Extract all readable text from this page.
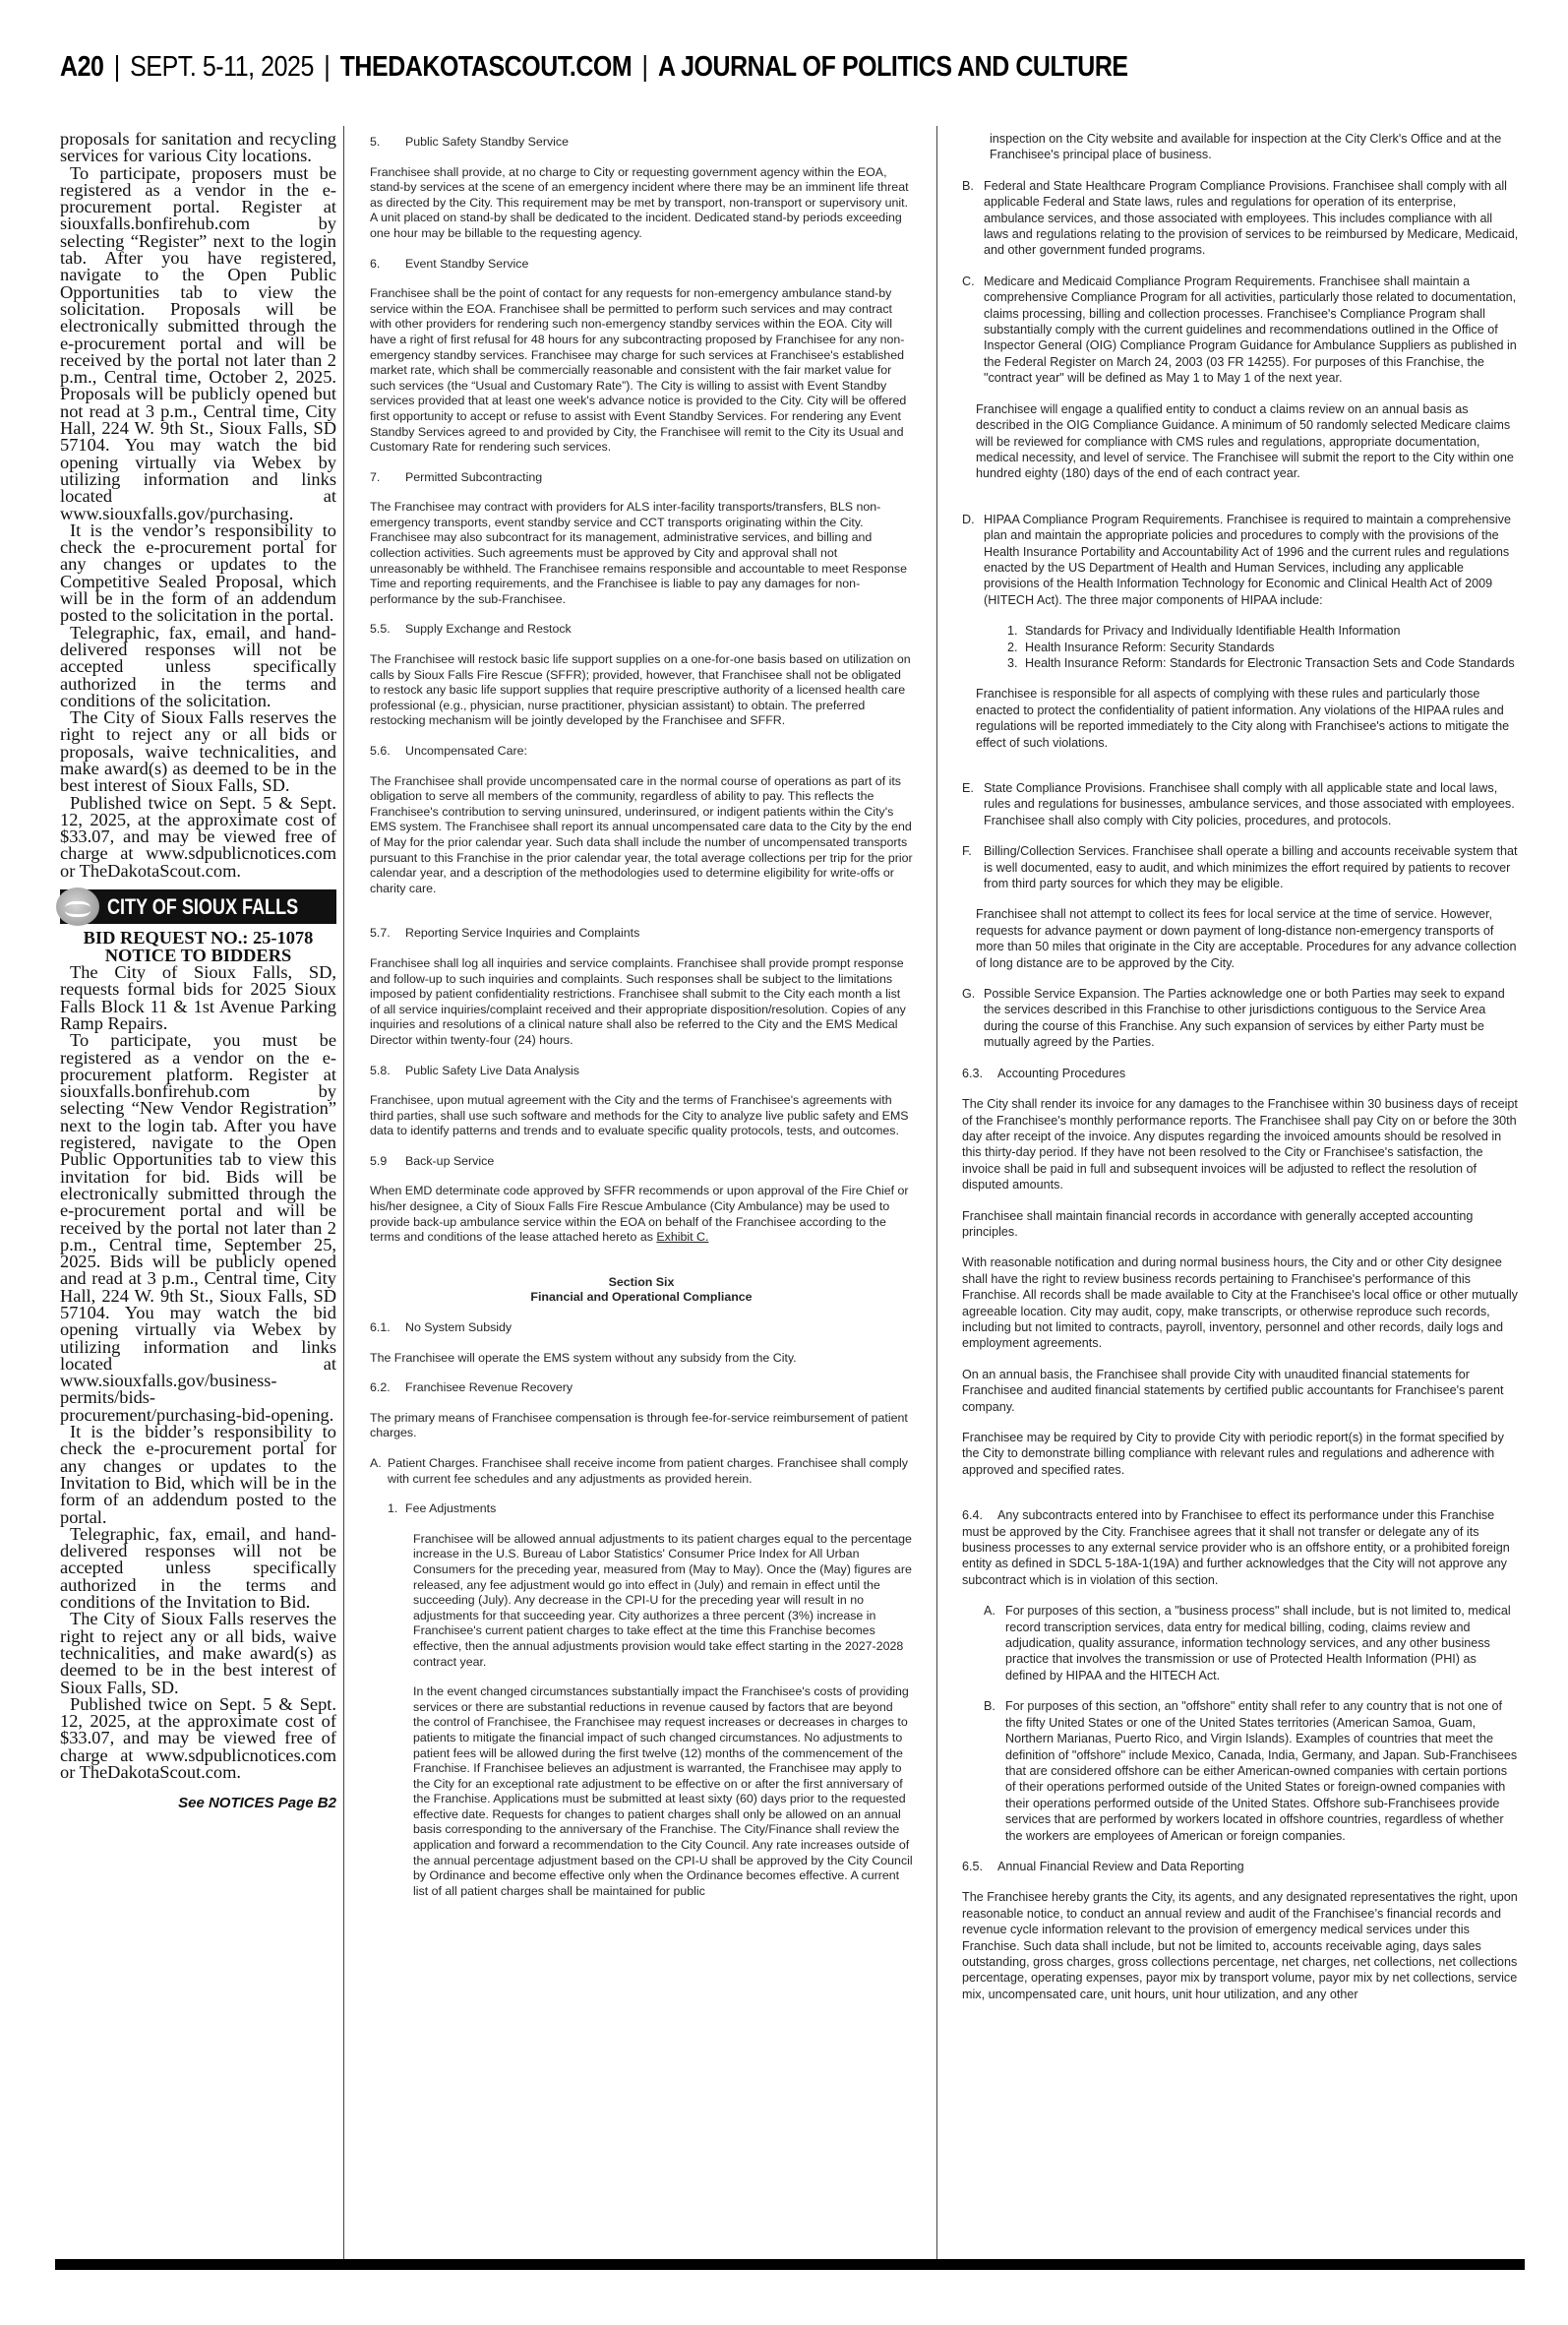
A20 | SEPT. 5-11, 2025 | THEDAKOTASCOUT.COM | A JOURNAL OF POLITICS AND CULTURE

proposals for sanitation and recycling services for various City locations.

To participate, proposers must be registered as a vendor in the e-procurement portal. Register at siouxfalls.bonfirehub.com by selecting “Register” next to the login tab. After you have registered, navigate to the Open Public Opportunities tab to view the solicitation. Proposals will be electronically submitted through the e-procurement portal and will be received by the portal not later than 2 p.m., Central time, October 2, 2025. Proposals will be publicly opened but not read at 3 p.m., Central time, City Hall, 224 W. 9th St., Sioux Falls, SD 57104. You may watch the bid opening virtually via Webex by utilizing information and links located at www.siouxfalls.gov/purchasing.

It is the vendor’s responsibility to check the e-procurement portal for any changes or updates to the Competitive Sealed Proposal, which will be in the form of an addendum posted to the solicitation in the portal.

Telegraphic, fax, email, and hand-delivered responses will not be accepted unless specifically authorized in the terms and conditions of the solicitation.

The City of Sioux Falls reserves the right to reject any or all bids or proposals, waive technicalities, and make award(s) as deemed to be in the best interest of Sioux Falls, SD.

Published twice on Sept. 5 & Sept. 12, 2025, at the approximate cost of $33.07, and may be viewed free of charge at www.sdpublicnotices.com or TheDakotaScout.com.

CITY OF SIOUX FALLS
BID REQUEST NO.: 25-1078
NOTICE TO BIDDERS

The City of Sioux Falls, SD, requests formal bids for 2025 Sioux Falls Block 11 & 1st Avenue Parking Ramp Repairs.

To participate, you must be registered as a vendor on the e-procurement platform. Register at siouxfalls.bonfirehub.com by selecting “New Vendor Registration” next to the login tab. After you have registered, navigate to the Open Public Opportunities tab to view this invitation for bid. Bids will be electronically submitted through the e-procurement portal and will be received by the portal not later than 2 p.m., Central time, September 25, 2025. Bids will be publicly opened and read at 3 p.m., Central time, City Hall, 224 W. 9th St., Sioux Falls, SD 57104. You may watch the bid opening virtually via Webex by utilizing information and links located at www.siouxfalls.gov/business-permits/bids-procurement/purchasing-bid-opening.

It is the bidder’s responsibility to check the e-procurement portal for any changes or updates to the Invitation to Bid, which will be in the form of an addendum posted to the portal.

Telegraphic, fax, email, and hand-delivered responses will not be accepted unless specifically authorized in the terms and conditions of the Invitation to Bid.

The City of Sioux Falls reserves the right to reject any or all bids, waive technicalities, and make award(s) as deemed to be in the best interest of Sioux Falls, SD.

Published twice on Sept. 5 & Sept. 12, 2025, at the approximate cost of $33.07, and may be viewed free of charge at www.sdpublicnotices.com or TheDakotaScout.com.

See NOTICES Page B2
5. Public Safety Standby Service
Franchisee shall provide, at no charge to City or requesting government agency within the EOA, stand-by services at the scene of an emergency incident where there may be an imminent life threat as directed by the City. This requirement may be met by transport, non-transport or supervisory unit. A unit placed on stand-by shall be dedicated to the incident. Dedicated stand-by periods exceeding one hour may be billable to the requesting agency.
6. Event Standby Service
Franchisee shall be the point of contact for any requests for non-emergency ambulance stand-by service within the EOA. Franchisee shall be permitted to perform such services and may contract with other providers for rendering such non-emergency standby services within the EOA. City will have a right of first refusal for 48 hours for any subcontracting proposed by Franchisee for any non-emergency standby services. Franchisee may charge for such services at Franchisee's established market rate, which shall be commercially reasonable and consistent with the fair market value for such services (the “Usual and Customary Rate”). The City is willing to assist with Event Standby services provided that at least one week's advance notice is provided to the City. City will be offered first opportunity to accept or refuse to assist with Event Standby Services. For rendering any Event Standby Services agreed to and provided by City, the Franchisee will remit to the City its Usual and Customary Rate for rendering such services.
7. Permitted Subcontracting
The Franchisee may contract with providers for ALS inter-facility transports/transfers, BLS non-emergency transports, event standby service and CCT transports originating within the City. Franchisee may also subcontract for its management, administrative services, and billing and collection activities. Such agreements must be approved by City and approval shall not unreasonably be withheld. The Franchisee remains responsible and accountable to meet Response Time and reporting requirements, and the Franchisee is liable to pay any damages for non-performance by the sub-Franchisee.
5.5. Supply Exchange and Restock
The Franchisee will restock basic life support supplies on a one-for-one basis based on utilization on calls by Sioux Falls Fire Rescue (SFFR); provided, however, that Franchisee shall not be obligated to restock any basic life support supplies that require prescriptive authority of a licensed health care professional (e.g., physician, nurse practitioner, physician assistant) to obtain. The preferred restocking mechanism will be jointly developed by the Franchisee and SFFR.
5.6. Uncompensated Care:
The Franchisee shall provide uncompensated care in the normal course of operations as part of its obligation to serve all members of the community, regardless of ability to pay. This reflects the Franchisee's contribution to serving uninsured, underinsured, or indigent patients within the City's EMS system. The Franchisee shall report its annual uncompensated care data to the City by the end of May for the prior calendar year. Such data shall include the number of uncompensated transports pursuant to this Franchise in the prior calendar year, the total average collections per trip for the prior calendar year, and a description of the methodologies used to determine eligibility for write-offs or charity care.
5.7. Reporting Service Inquiries and Complaints
Franchisee shall log all inquiries and service complaints. Franchisee shall provide prompt response and follow-up to such inquiries and complaints. Such responses shall be subject to the limitations imposed by patient confidentiality restrictions. Franchisee shall submit to the City each month a list of all service inquiries/complaint received and their appropriate disposition/resolution. Copies of any inquiries and resolutions of a clinical nature shall also be referred to the City and the EMS Medical Director within twenty-four (24) hours.
5.8. Public Safety Live Data Analysis
Franchisee, upon mutual agreement with the City and the terms of Franchisee's agreements with third parties, shall use such software and methods for the City to analyze live public safety and EMS data to identify patterns and trends and to evaluate specific quality protocols, tests, and outcomes.
5.9 Back-up Service
When EMD determinate code approved by SFFR recommends or upon approval of the Fire Chief or his/her designee, a City of Sioux Falls Fire Rescue Ambulance (City Ambulance) may be used to provide back-up ambulance service within the EOA on behalf of the Franchisee according to the terms and conditions of the lease attached hereto as Exhibit C.
Section Six
Financial and Operational Compliance
6.1. No System Subsidy
The Franchisee will operate the EMS system without any subsidy from the City.
6.2. Franchisee Revenue Recovery
The primary means of Franchisee compensation is through fee-for-service reimbursement of patient charges.
A. Patient Charges. Franchisee shall receive income from patient charges. Franchisee shall comply with current fee schedules and any adjustments as provided herein.
1. Fee Adjustments
Franchisee will be allowed annual adjustments to its patient charges equal to the percentage increase in the U.S. Bureau of Labor Statistics' Consumer Price Index for All Urban Consumers for the preceding year, measured from (May to May). Once the (May) figures are released, any fee adjustment would go into effect in (July) and remain in effect until the succeeding (July). Any decrease in the CPI-U for the preceding year will result in no adjustments for that succeeding year. City authorizes a three percent (3%) increase in Franchisee's current patient charges to take effect at the time this Franchise becomes effective, then the annual adjustments provision would take effect starting in the 2027-2028 contract year.
In the event changed circumstances substantially impact the Franchisee's costs of providing services or there are substantial reductions in revenue caused by factors that are beyond the control of Franchisee, the Franchisee may request increases or decreases in charges to patients to mitigate the financial impact of such changed circumstances. No adjustments to patient fees will be allowed during the first twelve (12) months of the commencement of the Franchise. If Franchisee believes an adjustment is warranted, the Franchisee may apply to the City for an exceptional rate adjustment to be effective on or after the first anniversary of the Franchise. Applications must be submitted at least sixty (60) days prior to the requested effective date. Requests for changes to patient charges shall only be allowed on an annual basis corresponding to the anniversary of the Franchise. The City/Finance shall review the application and forward a recommendation to the City Council. Any rate increases outside of the annual percentage adjustment based on the CPI-U shall be approved by the City Council by Ordinance and become effective only when the Ordinance becomes effective. A current list of all patient charges shall be maintained for public
inspection on the City website and available for inspection at the City Clerk's Office and at the Franchisee's principal place of business.
B. Federal and State Healthcare Program Compliance Provisions. Franchisee shall comply with all applicable Federal and State laws, rules and regulations for operation of its enterprise, ambulance services, and those associated with employees. This includes compliance with all laws and regulations relating to the provision of services to be reimbursed by Medicare, Medicaid, and other government funded programs.
C. Medicare and Medicaid Compliance Program Requirements. Franchisee shall maintain a comprehensive Compliance Program for all activities, particularly those related to documentation, claims processing, billing and collection processes. Franchisee's Compliance Program shall substantially comply with the current guidelines and recommendations outlined in the Office of Inspector General (OIG) Compliance Program Guidance for Ambulance Suppliers as published in the Federal Register on March 24, 2003 (03 FR 14255). For purposes of this Franchise, the "contract year" will be defined as May 1 to May 1 of the next year.
Franchisee will engage a qualified entity to conduct a claims review on an annual basis as described in the OIG Compliance Guidance. A minimum of 50 randomly selected Medicare claims will be reviewed for compliance with CMS rules and regulations, appropriate documentation, medical necessity, and level of service. The Franchisee will submit the report to the City within one hundred eighty (180) days of the end of each contract year.
D. HIPAA Compliance Program Requirements. Franchisee is required to maintain a comprehensive plan and maintain the appropriate policies and procedures to comply with the provisions of the Health Insurance Portability and Accountability Act of 1996 and the current rules and regulations enacted by the US Department of Health and Human Services, including any applicable provisions of the Health Information Technology for Economic and Clinical Health Act of 2009 (HITECH Act). The three major components of HIPAA include:
1. Standards for Privacy and Individually Identifiable Health Information
2. Health Insurance Reform: Security Standards
3. Health Insurance Reform: Standards for Electronic Transaction Sets and Code Standards
Franchisee is responsible for all aspects of complying with these rules and particularly those enacted to protect the confidentiality of patient information. Any violations of the HIPAA rules and regulations will be reported immediately to the City along with Franchisee's actions to mitigate the effect of such violations.
E. State Compliance Provisions. Franchisee shall comply with all applicable state and local laws, rules and regulations for businesses, ambulance services, and those associated with employees. Franchisee shall also comply with City policies, procedures, and protocols.
F. Billing/Collection Services. Franchisee shall operate a billing and accounts receivable system that is well documented, easy to audit, and which minimizes the effort required by patients to recover from third party sources for which they may be eligible.
Franchisee shall not attempt to collect its fees for local service at the time of service. However, requests for advance payment or down payment of long-distance non-emergency transports of more than 50 miles that originate in the City are acceptable. Procedures for any advance collection of long distance are to be approved by the City.
G. Possible Service Expansion. The Parties acknowledge one or both Parties may seek to expand the services described in this Franchise to other jurisdictions contiguous to the Service Area during the course of this Franchise. Any such expansion of services by either Party must be mutually agreed by the Parties.
6.3. Accounting Procedures
The City shall render its invoice for any damages to the Franchisee within 30 business days of receipt of the Franchisee's monthly performance reports. The Franchisee shall pay City on or before the 30th day after receipt of the invoice. Any disputes regarding the invoiced amounts should be resolved in this thirty-day period. If they have not been resolved to the City or Franchisee's satisfaction, the invoice shall be paid in full and subsequent invoices will be adjusted to reflect the resolution of disputed amounts.
Franchisee shall maintain financial records in accordance with generally accepted accounting principles.
With reasonable notification and during normal business hours, the City and or other City designee shall have the right to review business records pertaining to Franchisee's performance of this Franchise. All records shall be made available to City at the Franchisee's local office or other mutually agreeable location. City may audit, copy, make transcripts, or otherwise reproduce such records, including but not limited to contracts, payroll, inventory, personnel and other records, daily logs and employment agreements.
On an annual basis, the Franchisee shall provide City with unaudited financial statements for Franchisee and audited financial statements by certified public accountants for Franchisee's parent company.
Franchisee may be required by City to provide City with periodic report(s) in the format specified by the City to demonstrate billing compliance with relevant rules and regulations and adherence with approved and specified rates.
6.4. Any subcontracts entered into by Franchisee to effect its performance under this Franchise must be approved by the City. Franchisee agrees that it shall not transfer or delegate any of its business processes to any external service provider who is an offshore entity, or a prohibited foreign entity as defined in SDCL 5-18A-1(19A) and further acknowledges that the City will not approve any subcontract which is in violation of this section.
A. For purposes of this section, a "business process" shall include, but is not limited to, medical record transcription services, data entry for medical billing, coding, claims review and adjudication, quality assurance, information technology services, and any other business practice that involves the transmission or use of Protected Health Information (PHI) as defined by HIPAA and the HITECH Act.
B. For purposes of this section, an "offshore" entity shall refer to any country that is not one of the fifty United States or one of the United States territories (American Samoa, Guam, Northern Marianas, Puerto Rico, and Virgin Islands). Examples of countries that meet the definition of "offshore" include Mexico, Canada, India, Germany, and Japan. Sub-Franchisees that are considered offshore can be either American-owned companies with certain portions of their operations performed outside of the United States or foreign-owned companies with their operations performed outside of the United States. Offshore sub-Franchisees provide services that are performed by workers located in offshore countries, regardless of whether the workers are employees of American or foreign companies.
6.5. Annual Financial Review and Data Reporting
The Franchisee hereby grants the City, its agents, and any designated representatives the right, upon reasonable notice, to conduct an annual review and audit of the Franchisee’s financial records and revenue cycle information relevant to the provision of emergency medical services under this Franchise. Such data shall include, but not be limited to, accounts receivable aging, days sales outstanding, gross charges, gross collections percentage, net charges, net collections, net collections percentage, operating expenses, payor mix by transport volume, payor mix by net collections, service mix, uncompensated care, unit hours, unit hour utilization, and any other
